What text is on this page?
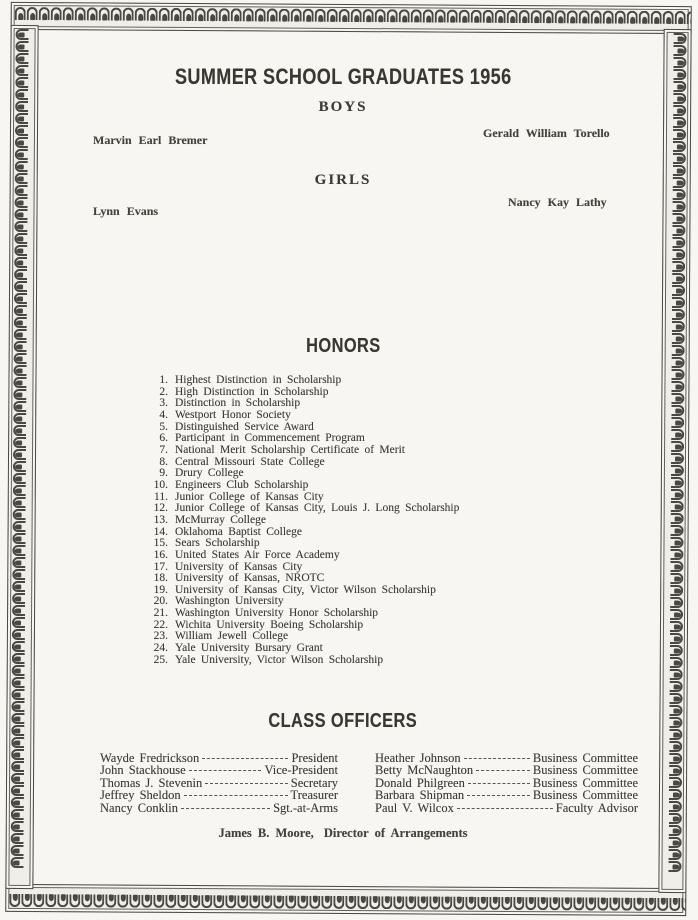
SUMMER SCHOOL GRADUATES 1956
BOYS
Gerald William Torello
Marvin Earl Bremer
GIRLS
Nancy Kay Lathy
Lynn Evans
HONORS
1. Highest Distinction in Scholarship
2. High Distinction in Scholarship
3. Distinction in Scholarship
4. Westport Honor Society
5. Distinguished Service Award
6. Participant in Commencement Program
7. National Merit Scholarship Certificate of Merit
8. Central Missouri State College
9. Drury College
10. Engineers Club Scholarship
11. Junior College of Kansas City
12. Junior College of Kansas City, Louis J. Long Scholarship
13. McMurray College
14. Oklahoma Baptist College
15. Sears Scholarship
16. United States Air Force Academy
17. University of Kansas City
18. University of Kansas, NROTC
19. University of Kansas City, Victor Wilson Scholarship
20. Washington University
21. Washington University Honor Scholarship
22. Wichita University Boeing Scholarship
23. William Jewell College
24. Yale University Bursary Grant
25. Yale University, Victor Wilson Scholarship
CLASS OFFICERS
Wayde Fredrickson	President
John Stackhouse	Vice-President
Thomas J. Stevenin	Secretary
Jeffrey Sheldon	Treasurer
Nancy Conklin	Sgt.-at-Arms
Heather Johnson	Business Committee
Betty McNaughton	Business Committee
Donald Philgreen	Business Committee
Barbara Shipman	Business Committee
Paul V. Wilcox	Faculty Advisor
James B. Moore, Director of Arrangements
